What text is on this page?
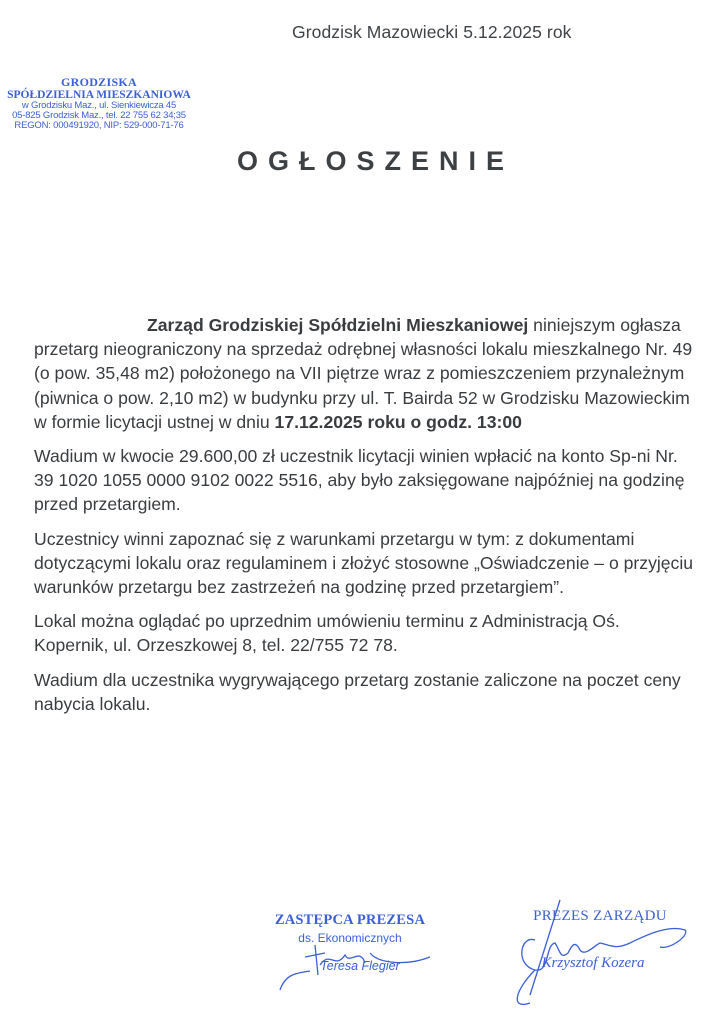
Grodzisk Mazowiecki 5.12.2025 rok
GRODZISKA
SPÓŁDZIELNIA MIESZKANIOWA
w Grodzisku Maz., ul. Sienkiewicza 45
05-825 Grodzisk Maz., tel. 22 755 62 34;35
REGON: 000491920, NIP: 529-000-71-76
OGŁOSZENIE

Zarząd Grodziskiej Spółdzielni Mieszkaniowej niniejszym ogłasza przetarg nieograniczony na sprzedaż odrębnej własności lokalu mieszkalnego Nr. 49 (o pow. 35,48 m2) położonego na VII piętrze wraz z pomieszczeniem przynależnym (piwnica o pow. 2,10 m2) w budynku przy ul. T. Bairda 52 w Grodzisku Mazowieckim w formie licytacji ustnej w dniu 17.12.2025 roku o godz. 13:00

Wadium w kwocie 29.600,00 zł uczestnik licytacji winien wpłacić na konto Sp-ni Nr. 39 1020 1055 0000 9102 0022 5516, aby było zaksięgowane najpóźniej na godzinę przed przetargiem.

Uczestnicy winni zapoznać się z warunkami przetargu w tym: z dokumentami dotyczącymi lokalu oraz regulaminem i złożyć stosowne „Oświadczenie – o przyjęciu warunków przetargu bez zastrzeżeń na godzinę przed przetargiem”.

Lokal można oglądać po uprzednim umówieniu terminu z Administracją Oś. Kopernik, ul. Orzeszkowej 8, tel. 22/755 72 78.

Wadium dla uczestnika wygrywającego przetarg zostanie zaliczone na poczet ceny nabycia lokalu.

ZASTĘPCA PREZESA
ds. Ekonomicznych
Teresa Flegier
PREZES ZARZĄDU
Krzysztof Kozera
